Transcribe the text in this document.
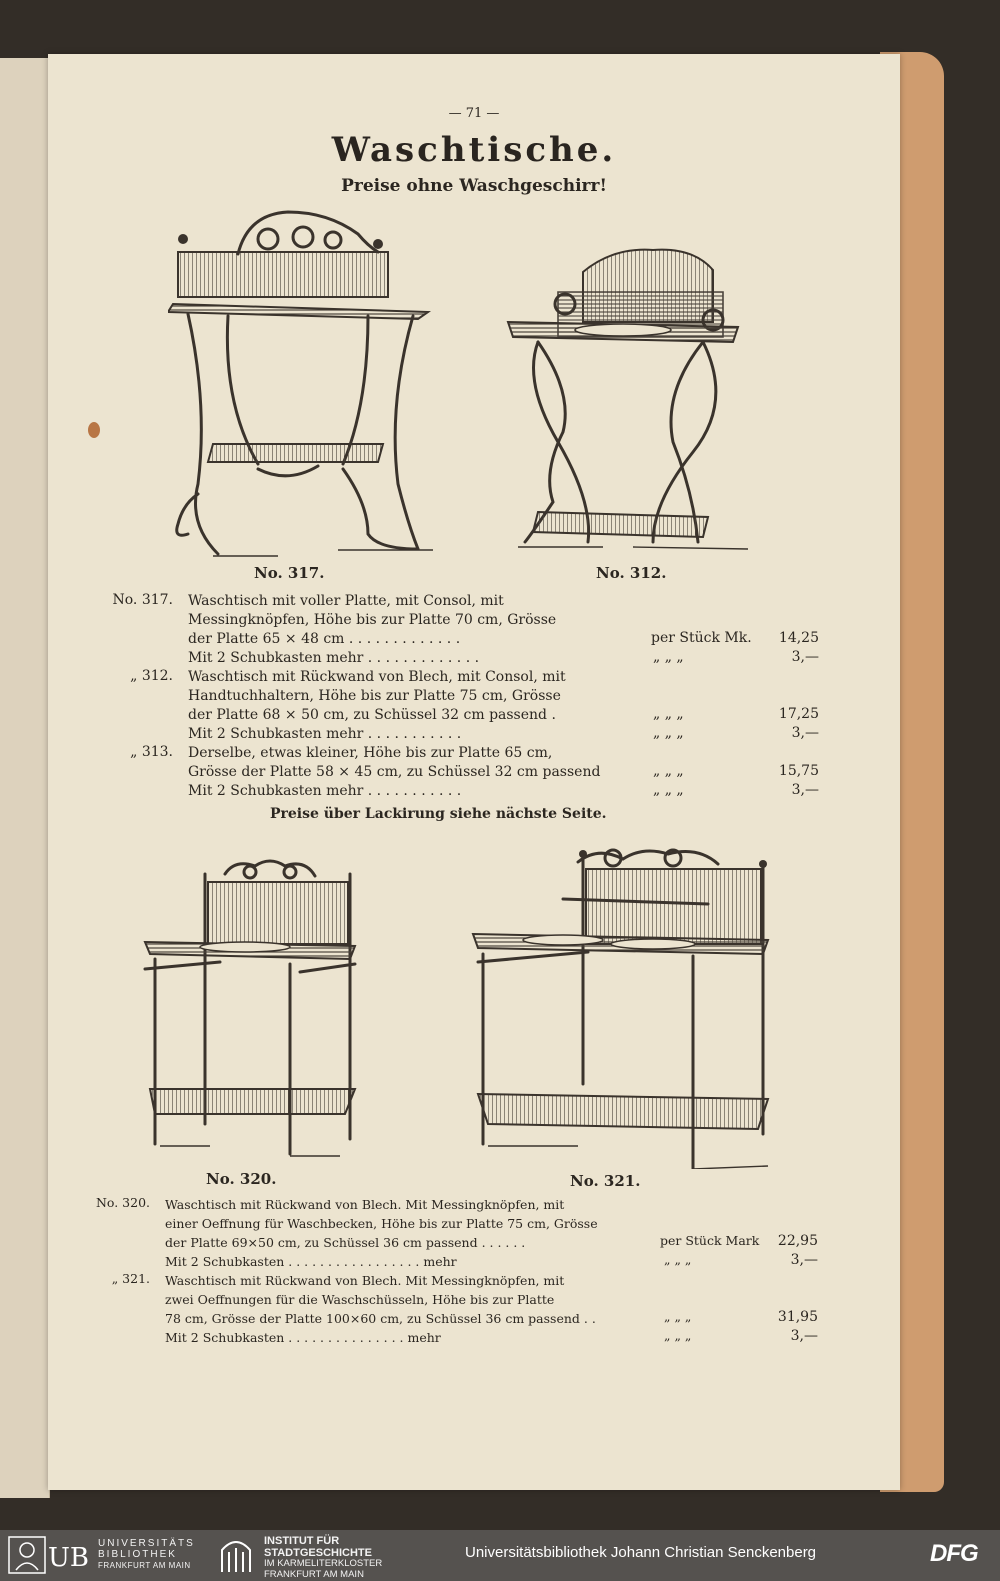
— 71 —
Waschtische.
Preise ohne Waschgeschirr!
No. 317.	No. 312.
No. 317. Waschtisch mit voller Platte, mit Consol, mit
Messingknöpfen, Höhe bis zur Platte 70 cm, Grösse
der Platte 65 × 48 cm . . . . . . . . . . . . .	per Stück Mk.	14,25
Mit 2 Schubkasten mehr . . . . . . . . . . . . .	„ „ „	3,—
„ 312. Waschtisch mit Rückwand von Blech, mit Consol, mit
Handtuchhaltern, Höhe bis zur Platte 75 cm, Grösse
der Platte 68 × 50 cm, zu Schüssel 32 cm passend .	„ „ „	17,25
Mit 2 Schubkasten mehr . . . . . . . . . . .	„ „ „	3,—
„ 313. Derselbe, etwas kleiner, Höhe bis zur Platte 65 cm,
Grösse der Platte 58 × 45 cm, zu Schüssel 32 cm passend	„ „ „	15,75
Mit 2 Schubkasten mehr . . . . . . . . . . .	„ „ „	3,—
Preise über Lackirung siehe nächste Seite.
No. 320.	No. 321.
No. 320. Waschtisch mit Rückwand von Blech. Mit Messingknöpfen, mit
einer Oeffnung für Waschbecken, Höhe bis zur Platte 75 cm, Grösse
der Platte 69×50 cm, zu Schüssel 36 cm passend . . . . . .	per Stück Mark	22,95
Mit 2 Schubkasten . . . . . . . . . . . . . . . . . mehr	„ „ „	3,—
„ 321. Waschtisch mit Rückwand von Blech. Mit Messingknöpfen, mit
zwei Oeffnungen für die Waschschüsseln, Höhe bis zur Platte
78 cm, Grösse der Platte 100×60 cm, zu Schüssel 36 cm passend . .	„ „ „	31,95
Mit 2 Schubkasten . . . . . . . . . . . . . . . mehr	„ „ „	3,—
UB UNIVERSITÄTS
BIBLIOTHEK
FRANKFURT AM MAIN
INSTITUT FÜR
STADTGESCHICHTE
IM KARMELITERKLOSTER
FRANKFURT AM MAIN
Universitätsbibliothek Johann Christian Senckenberg	DFG
